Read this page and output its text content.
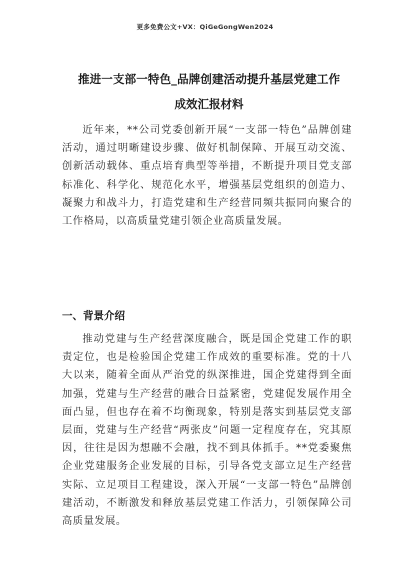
更多免费公文+VX：QiGeGongWen2024
推进一支部一特色_品牌创建活动提升基层党建工作成效汇报材料
近年来，**公司党委创新开展“一支部一特色”品牌创建活动，通过明晰建设步骤、做好机制保障、开展互动交流、创新活动载体、重点培育典型等举措，不断提升项目党支部标准化、科学化、规范化水平，增强基层党组织的创造力、凝聚力和战斗力，打造党建和生产经营同频共振同向聚合的工作格局，以高质量党建引领企业高质量发展。
一、背景介绍
推动党建与生产经营深度融合，既是国企党建工作的职责定位，也是检验国企党建工作成效的重要标准。党的十八大以来，随着全面从严治党的纵深推进，国企党建得到全面加强，党建与生产经营的融合日益紧密，党建促发展作用全面凸显，但也存在着不均衡现象，特别是落实到基层党支部层面，党建与生产经营“两张皮”问题一定程度存在，究其原因，往往是因为想融不会融，找不到具体抓手。**党委聚焦企业党建服务企业发展的目标，引导各党支部立足生产经营实际、立足项目工程建设，深入开展“一支部一特色”品牌创建活动，不断激发和释放基层党建工作活力，引领保障公司高质量发展。
